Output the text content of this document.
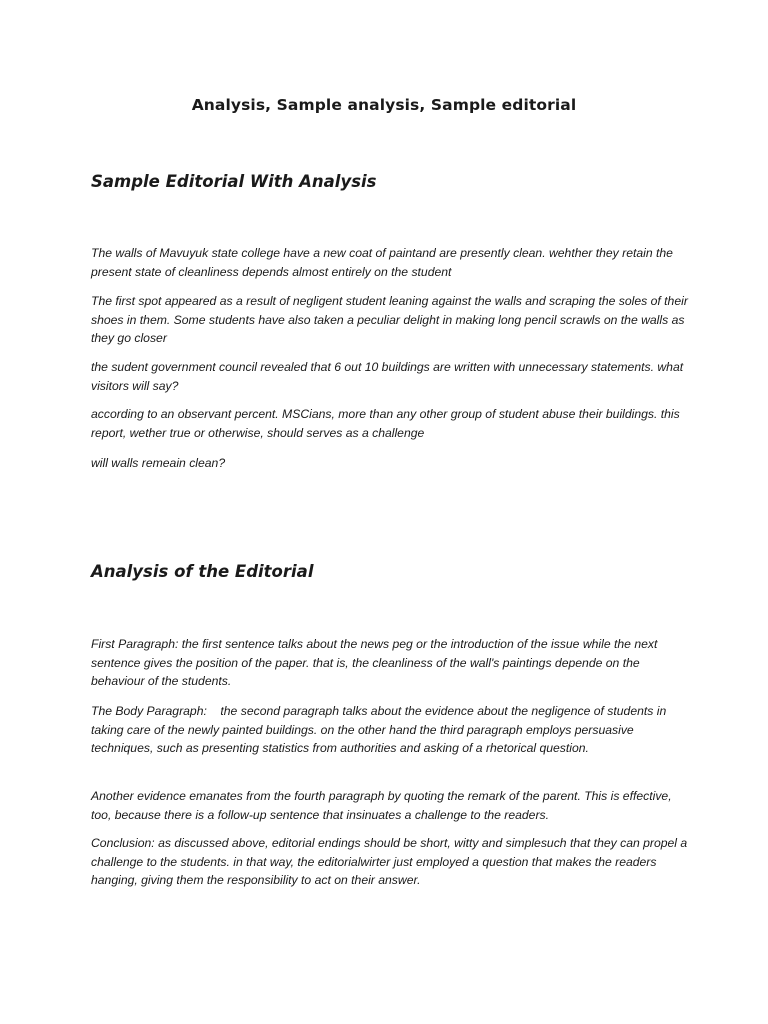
Analysis, Sample analysis, Sample editorial
Sample Editorial With Analysis

The walls of Mavuyuk state college have a new coat of paintand are presently clean. wehther they retain the present state of cleanliness depends almost entirely on the student

The first spot appeared as a result of negligent student leaning against the walls and scraping the soles of their shoes in them. Some students have also taken a peculiar delight in making long pencil scrawls on the walls as they go closer

the sudent government council revealed that 6 out 10 buildings are written with unnecessary statements. what visitors will say?

according to an observant percent. MSCians, more than any other group of student abuse their buildings. this report, wether true or otherwise, should serves as a challenge

will walls remeain clean?

Analysis of the Editorial

First Paragraph: the first sentence talks about the news peg or the introduction of the issue while the next sentence gives the position of the paper. that is, the cleanliness of the wall's paintings depende on the behaviour of the students.

The Body Paragraph:    the second paragraph talks about the evidence about the negligence of students in taking care of the newly painted buildings. on the other hand the third paragraph employs persuasive techniques, such as presenting statistics from authorities and asking of a rhetorical question.

Another evidence emanates from the fourth paragraph by quoting the remark of the parent. This is effective, too, because there is a follow-up sentence that insinuates a challenge to the readers.

Conclusion: as discussed above, editorial endings should be short, witty and simplesuch that they can propel a challenge to the students. in that way, the editorialwirter just employed a question that makes the readers hanging, giving them the responsibility to act on their answer.
